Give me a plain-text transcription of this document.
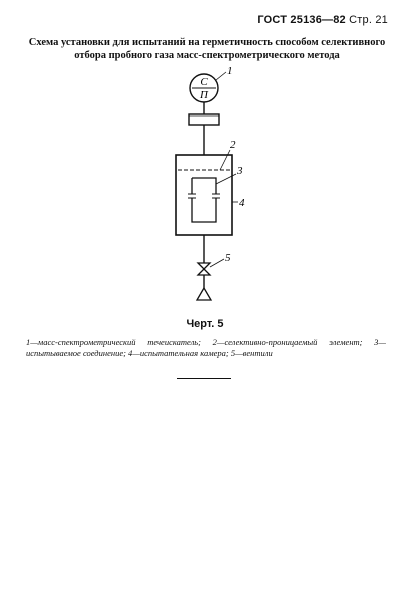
ГОСТ 25136—82 Стр. 21
Схема установки для испытаний на герметичность способом селективного отбора пробного газа масс-спектрометрического метода
С
П
1
2
3
4
5
Черт. 5
1—масс-спектрометрический течеискатель; 2—селективно-проницаемый элемент; 3—испытываемое соединение; 4—испытательная камера; 5—вентили
